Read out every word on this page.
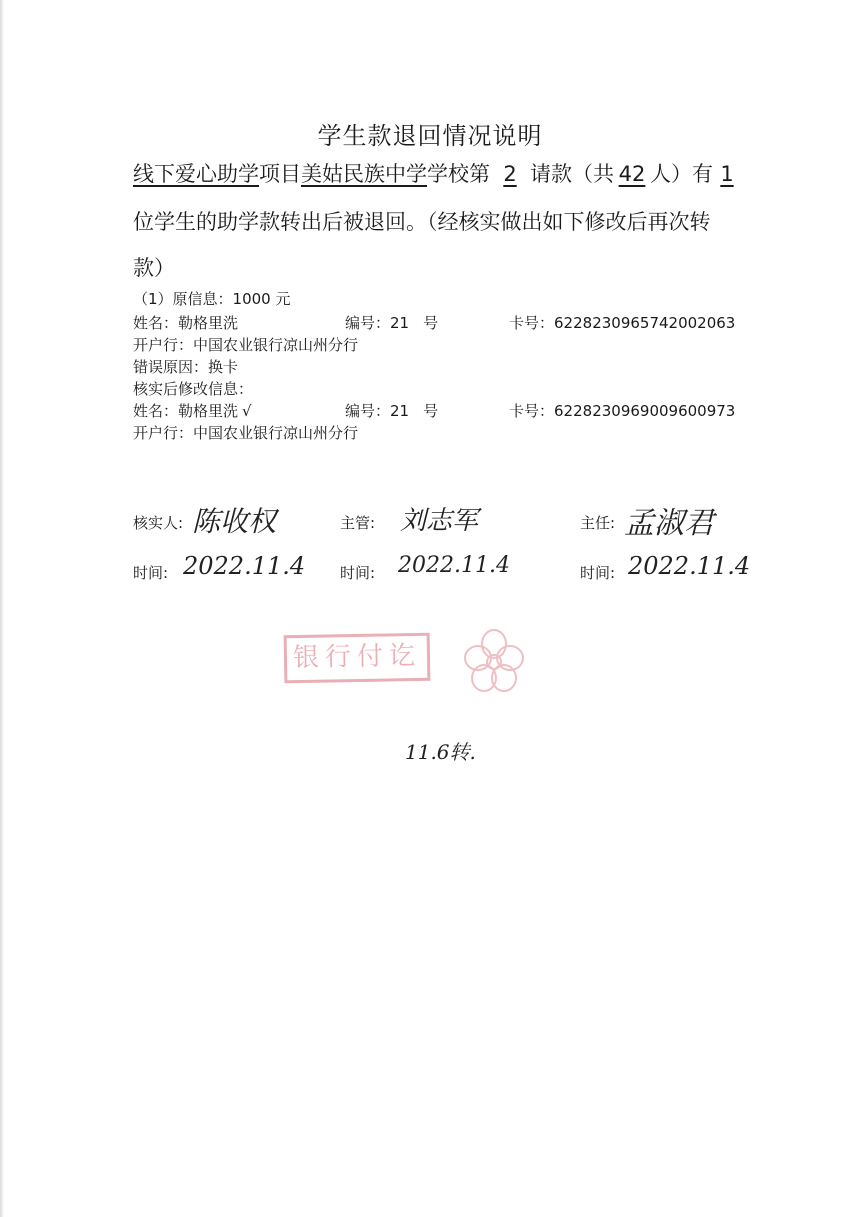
学生款退回情况说明
线下爱心助学项目美姑民族中学学校第 2 请款（共 42 人）有 1
位学生的助学款转出后被退回。（经核实做出如下修改后再次转
款）
（1）原信息：1000 元
姓名：勒格里洗	编号：21 号	卡号：6228230965742002063
开户行：中国农业银行凉山州分行
错误原因：换卡
核实后修改信息：
姓名：勒格里洗 √	编号：21 号	卡号：6228230969009600973
开户行：中国农业银行凉山州分行
核实人: 陈收权	主管: 刘志军	主任: 孟淑君
时间: 2022.11.4 时间: 2022.11.4	时间: 2022.11.4
银行付讫
11.6转.
